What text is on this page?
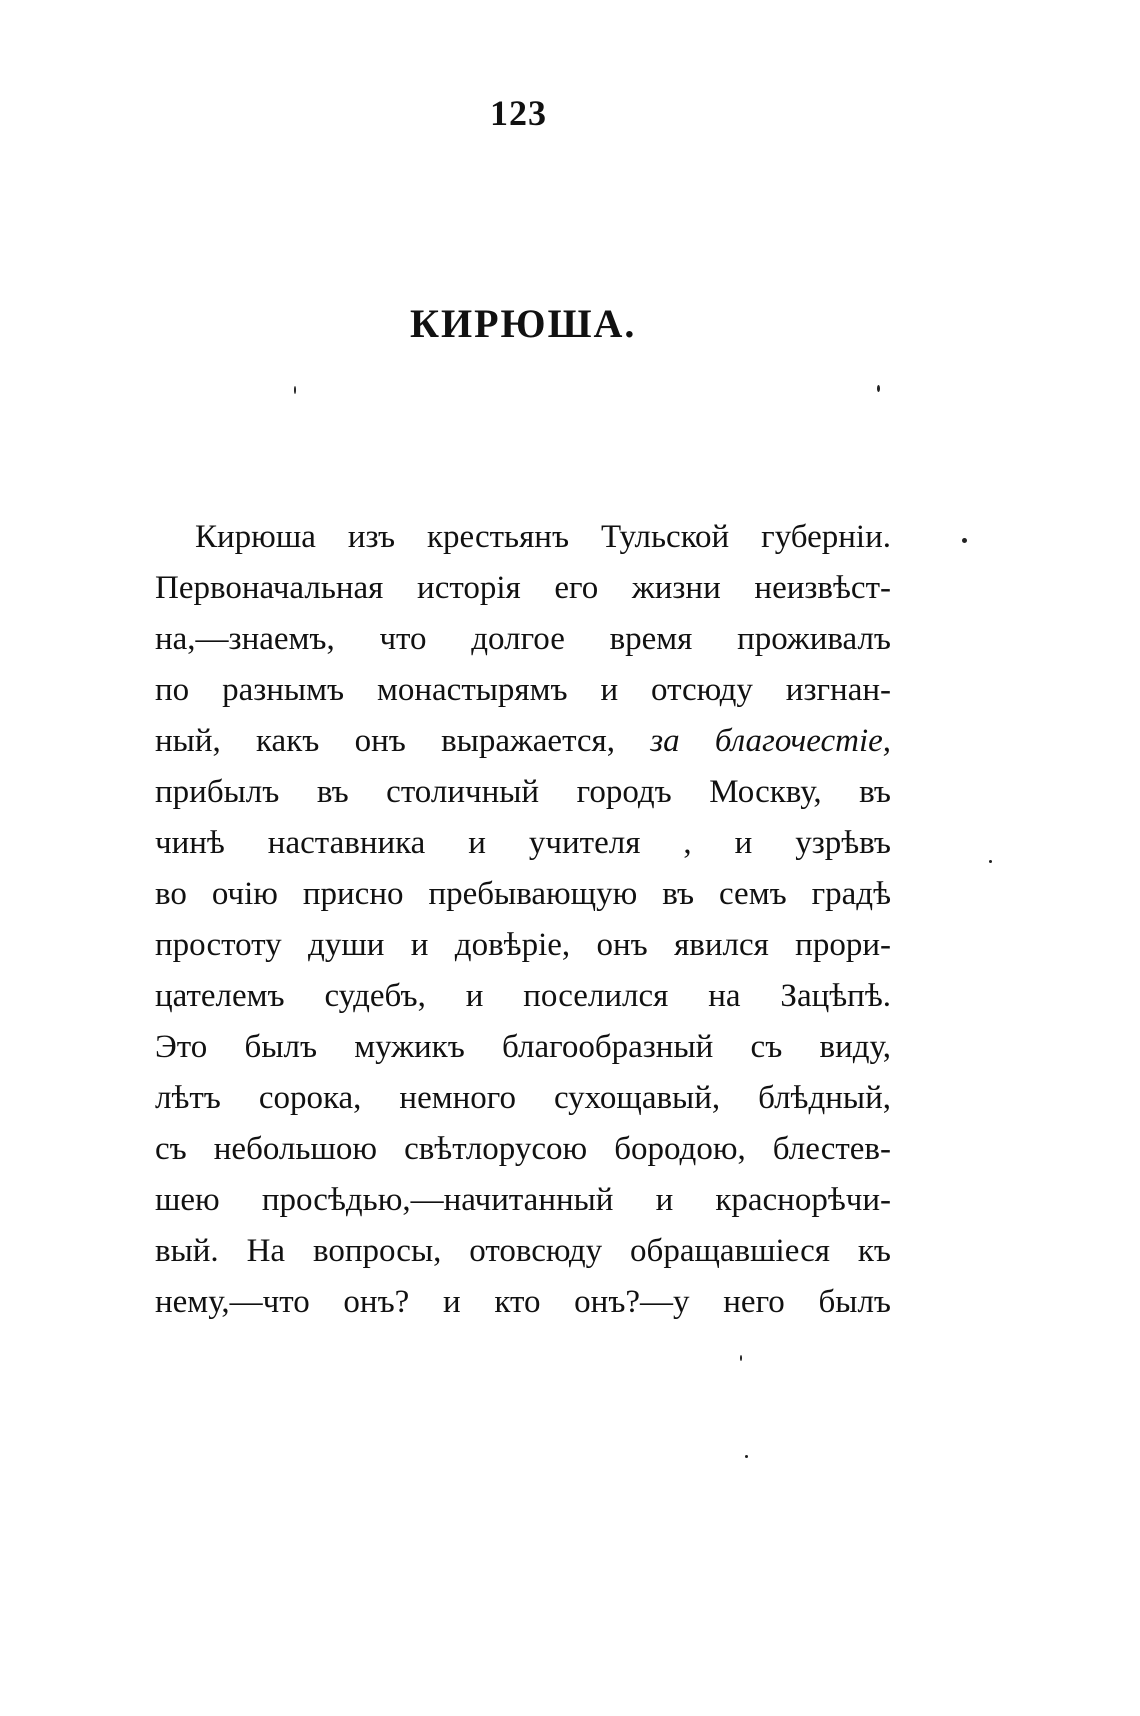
123
КИРЮША.
Кирюша изъ крестьянъ Тульской губерніи.
Первоначальная исторія его жизни неизвѣст-
на,—знаемъ, что долгое время проживалъ
по разнымъ монастырямъ и отсюду изгнан-
ный, какъ онъ выражается, за благочестіе,
прибылъ въ столичный городъ Москву, въ
чинѣ наставника и учителя , и узрѣвъ
во очію присно пребывающую въ семъ градѣ
простоту души и довѣріе, онъ явился прори-
цателемъ судебъ, и поселился на Зацѣпѣ.
Это былъ мужикъ благообразный съ виду,
лѣтъ сорока, немного сухощавый, блѣдный,
съ небольшою свѣтлорусою бородою, блестев-
шею просѣдью,—начитанный и краснорѣчи-
вый. На вопросы, отовсюду обращавшіеся къ
нему,—что онъ? и кто онъ?—у него былъ
